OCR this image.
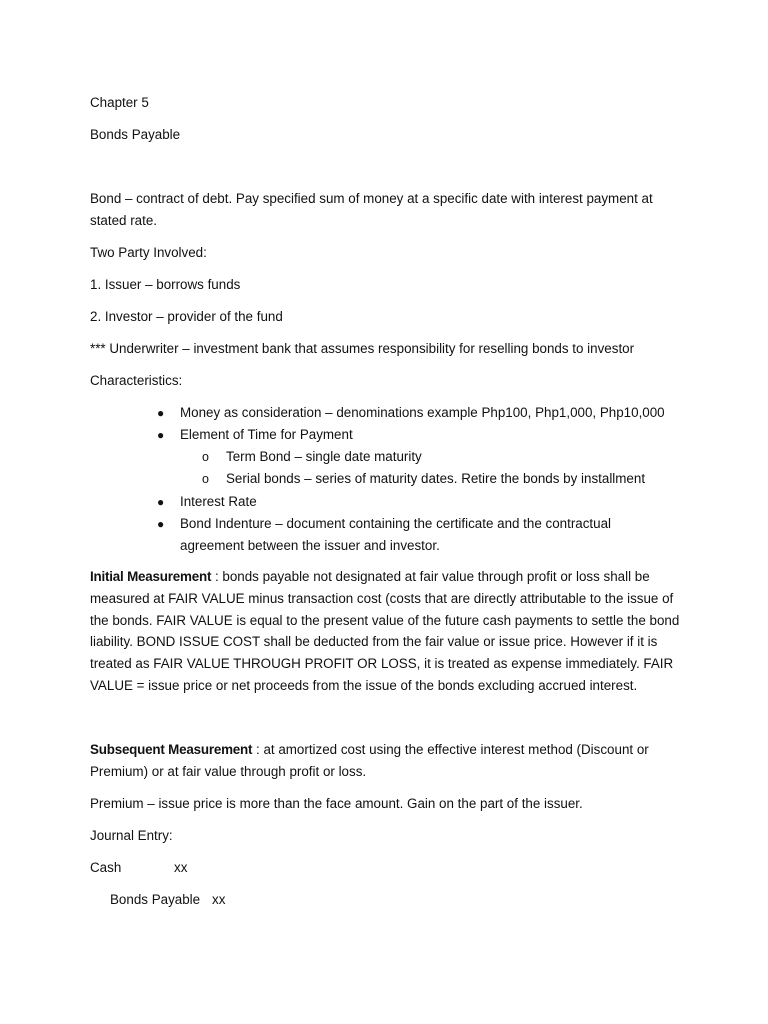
Chapter 5
Bonds Payable
Bond – contract of debt. Pay specified sum of money at a specific date with interest payment at stated rate.
Two Party Involved:
1. Issuer – borrows funds
2. Investor – provider of the fund
*** Underwriter – investment bank that assumes responsibility for reselling bonds to investor
Characteristics:
●	Money as consideration – denominations example Php100, Php1,000, Php10,000
●	Element of Time for Payment
o	Term Bond – single date maturity
o	Serial bonds – series of maturity dates. Retire the bonds by installment
●	Interest Rate
●	Bond Indenture – document containing the certificate and the contractual agreement between the issuer and investor.
Initial Measurement : bonds payable not designated at fair value through profit or loss shall be measured at FAIR VALUE minus transaction cost (costs that are directly attributable to the issue of the bonds. FAIR VALUE is equal to the present value of the future cash payments to settle the bond liability. BOND ISSUE COST shall be deducted from the fair value or issue price. However if it is treated as FAIR VALUE THROUGH PROFIT OR LOSS, it is treated as expense immediately. FAIR VALUE = issue price or net proceeds from the issue of the bonds excluding accrued interest.
Subsequent Measurement : at amortized cost using the effective interest method (Discount or Premium) or at fair value through profit or loss.
Premium – issue price is more than the face amount. Gain on the part of the issuer.
Journal Entry:
Cash	xx
Bonds Payable xx
